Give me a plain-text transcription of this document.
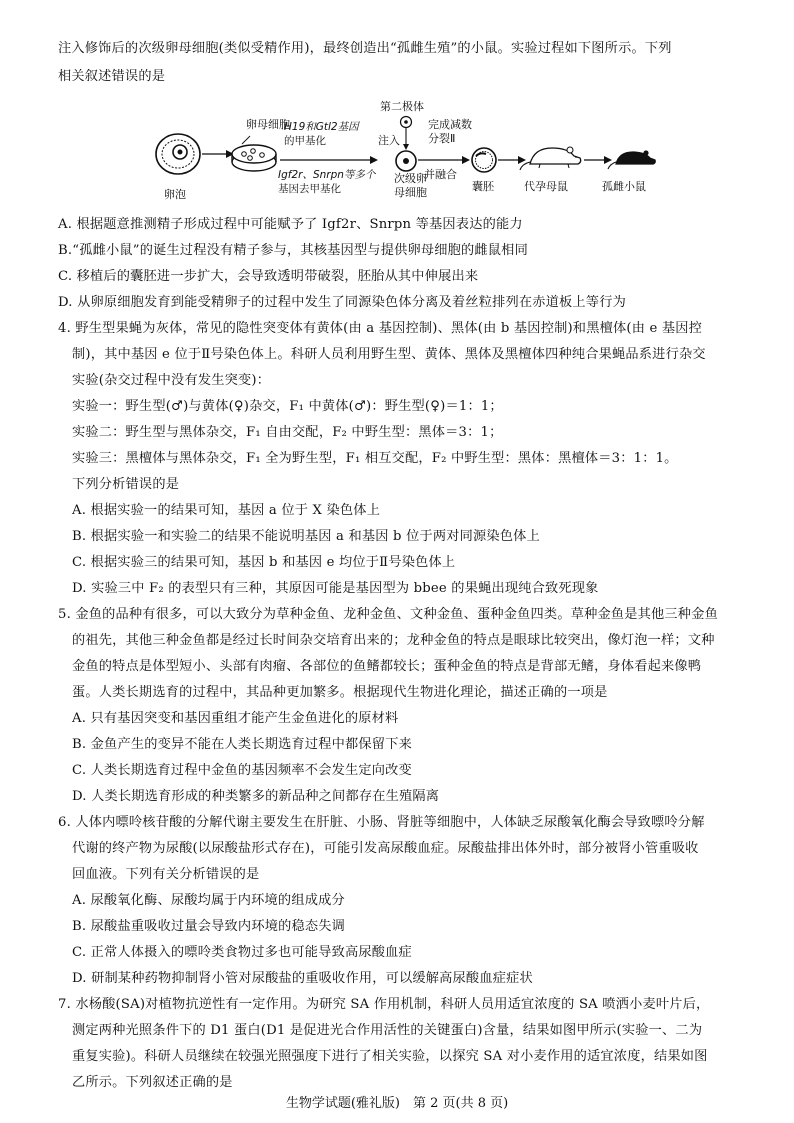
注入修饰后的次级卵母细胞(类似受精作用)，最终创造出“孤雌生殖”的小鼠。实验过程如下图所示。下列
相关叙述错误的是
卵泡
卵母细胞
H19和Gtl2基因
的甲基化
Igf2r、Snrpn等多个
基因去甲基化
第二极体
注入
次级卵
母细胞
完成减数
分裂Ⅱ
并融合
囊胚	代孕母鼠	孤雌小鼠
A. 根据题意推测精子形成过程中可能赋予了 Igf2r、Snrpn 等基因表达的能力
B.“孤雌小鼠”的诞生过程没有精子参与，其核基因型与提供卵母细胞的雌鼠相同
C. 移植后的囊胚进一步扩大，会导致透明带破裂，胚胎从其中伸展出来
D. 从卵原细胞发育到能受精卵子的过程中发生了同源染色体分离及着丝粒排列在赤道板上等行为
4. 野生型果蝇为灰体，常见的隐性突变体有黄体(由 a 基因控制)、黑体(由 b 基因控制)和黑檀体(由 e 基因控
制)，其中基因 e 位于Ⅱ号染色体上。科研人员利用野生型、黄体、黑体及黑檀体四种纯合果蝇品系进行杂交
实验(杂交过程中没有发生突变)：
实验一：野生型(♂)与黄体(♀)杂交，F₁ 中黄体(♂)：野生型(♀)＝1：1；
实验二：野生型与黑体杂交，F₁ 自由交配，F₂ 中野生型：黑体＝3：1；
实验三：黑檀体与黑体杂交，F₁ 全为野生型，F₁ 相互交配，F₂ 中野生型：黑体：黑檀体＝3：1：1。
下列分析错误的是
A. 根据实验一的结果可知，基因 a 位于 X 染色体上
B. 根据实验一和实验二的结果不能说明基因 a 和基因 b 位于两对同源染色体上
C. 根据实验三的结果可知，基因 b 和基因 e 均位于Ⅱ号染色体上
D. 实验三中 F₂ 的表型只有三种，其原因可能是基因型为 bbee 的果蝇出现纯合致死现象
5. 金鱼的品种有很多，可以大致分为草种金鱼、龙种金鱼、文种金鱼、蛋种金鱼四类。草种金鱼是其他三种金鱼
的祖先，其他三种金鱼都是经过长时间杂交培育出来的；龙种金鱼的特点是眼球比较突出，像灯泡一样；文种
金鱼的特点是体型短小、头部有肉瘤、各部位的鱼鳍都较长；蛋种金鱼的特点是背部无鳍，身体看起来像鸭
蛋。人类长期选育的过程中，其品种更加繁多。根据现代生物进化理论，描述正确的一项是
A. 只有基因突变和基因重组才能产生金鱼进化的原材料
B. 金鱼产生的变异不能在人类长期选育过程中都保留下来
C. 人类长期选育过程中金鱼的基因频率不会发生定向改变
D. 人类长期选育形成的种类繁多的新品种之间都存在生殖隔离
6. 人体内嘌呤核苷酸的分解代谢主要发生在肝脏、小肠、肾脏等细胞中，人体缺乏尿酸氧化酶会导致嘌呤分解
代谢的终产物为尿酸(以尿酸盐形式存在)，可能引发高尿酸血症。尿酸盐排出体外时，部分被肾小管重吸收
回血液。下列有关分析错误的是
A. 尿酸氧化酶、尿酸均属于内环境的组成成分
B. 尿酸盐重吸收过量会导致内环境的稳态失调
C. 正常人体摄入的嘌呤类食物过多也可能导致高尿酸血症
D. 研制某种药物抑制肾小管对尿酸盐的重吸收作用，可以缓解高尿酸血症症状
7. 水杨酸(SA)对植物抗逆性有一定作用。为研究 SA 作用机制，科研人员用适宜浓度的 SA 喷洒小麦叶片后，
测定两种光照条件下的 D1 蛋白(D1 是促进光合作用活性的关键蛋白)含量，结果如图甲所示(实验一、二为
重复实验)。科研人员继续在较强光照强度下进行了相关实验，以探究 SA 对小麦作用的适宜浓度，结果如图
乙所示。下列叙述正确的是
生物学试题(雅礼版)　第 2 页(共 8 页)
